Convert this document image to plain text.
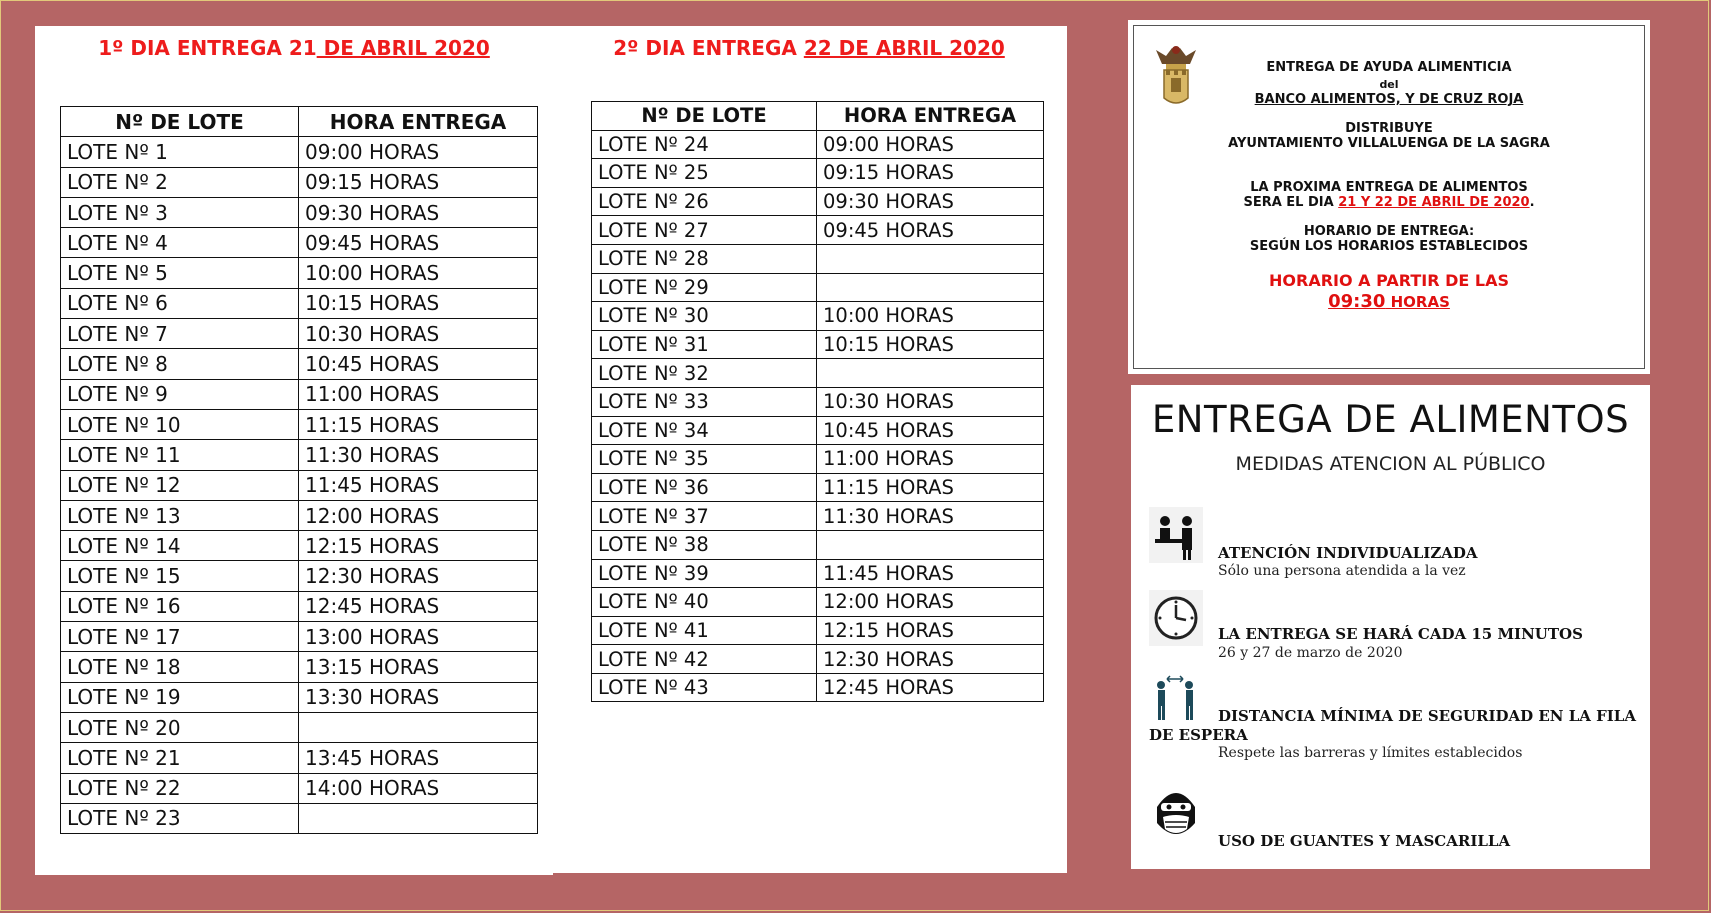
1º DIA ENTREGA 21 DE ABRIL 2020
Nº DE LOTE	HORA ENTREGA
LOTE Nº 1	09:00 HORAS
LOTE Nº 2	09:15 HORAS
LOTE Nº 3	09:30 HORAS
LOTE Nº 4	09:45 HORAS
LOTE Nº 5	10:00 HORAS
LOTE Nº 6	10:15 HORAS
LOTE Nº 7	10:30 HORAS
LOTE Nº 8	10:45 HORAS
LOTE Nº 9	11:00 HORAS
LOTE Nº 10	11:15 HORAS
LOTE Nº 11	11:30 HORAS
LOTE Nº 12	11:45 HORAS
LOTE Nº 13	12:00 HORAS
LOTE Nº 14	12:15 HORAS
LOTE Nº 15	12:30 HORAS
LOTE Nº 16	12:45 HORAS
LOTE Nº 17	13:00 HORAS
LOTE Nº 18	13:15 HORAS
LOTE Nº 19	13:30 HORAS
LOTE Nº 20	
LOTE Nº 21	13:45 HORAS
LOTE Nº 22	14:00 HORAS
LOTE Nº 23	
2º DIA ENTREGA 22 DE ABRIL 2020
Nº DE LOTE	HORA ENTREGA
LOTE Nº 24	09:00 HORAS
LOTE Nº 25	09:15 HORAS
LOTE Nº 26	09:30 HORAS
LOTE Nº 27	09:45 HORAS
LOTE Nº 28	
LOTE Nº 29	
LOTE Nº 30	10:00 HORAS
LOTE Nº 31	10:15 HORAS
LOTE Nº 32	
LOTE Nº 33	10:30 HORAS
LOTE Nº 34	10:45 HORAS
LOTE Nº 35	11:00 HORAS
LOTE Nº 36	11:15 HORAS
LOTE Nº 37	11:30 HORAS
LOTE Nº 38	
LOTE Nº 39	11:45 HORAS
LOTE Nº 40	12:00 HORAS
LOTE Nº 41	12:15 HORAS
LOTE Nº 42	12:30 HORAS
LOTE Nº 43	12:45 HORAS
ENTREGA DE AYUDA ALIMENTICIA
del
BANCO ALIMENTOS, Y DE CRUZ ROJA
DISTRIBUYE
AYUNTAMIENTO VILLALUENGA DE LA SAGRA
LA PROXIMA ENTREGA DE ALIMENTOS
SERA EL DIA 21 Y 22 DE ABRIL DE 2020.
HORARIO DE ENTREGA:
SEGÚN LOS HORARIOS ESTABLECIDOS
HORARIO A PARTIR DE LAS
09:30 HORAS
ENTREGA DE ALIMENTOS
MEDIDAS ATENCION AL PÚBLICO
ATENCIÓN INDIVIDUALIZADA
Sólo una persona atendida a la vez
LA ENTREGA SE HARÁ CADA 15 MINUTOS
26 y 27 de marzo de 2020
DISTANCIA MÍNIMA DE SEGURIDAD EN LA FILA
DE ESPERA
Respete las barreras y límites establecidos
USO DE GUANTES Y MASCARILLA
